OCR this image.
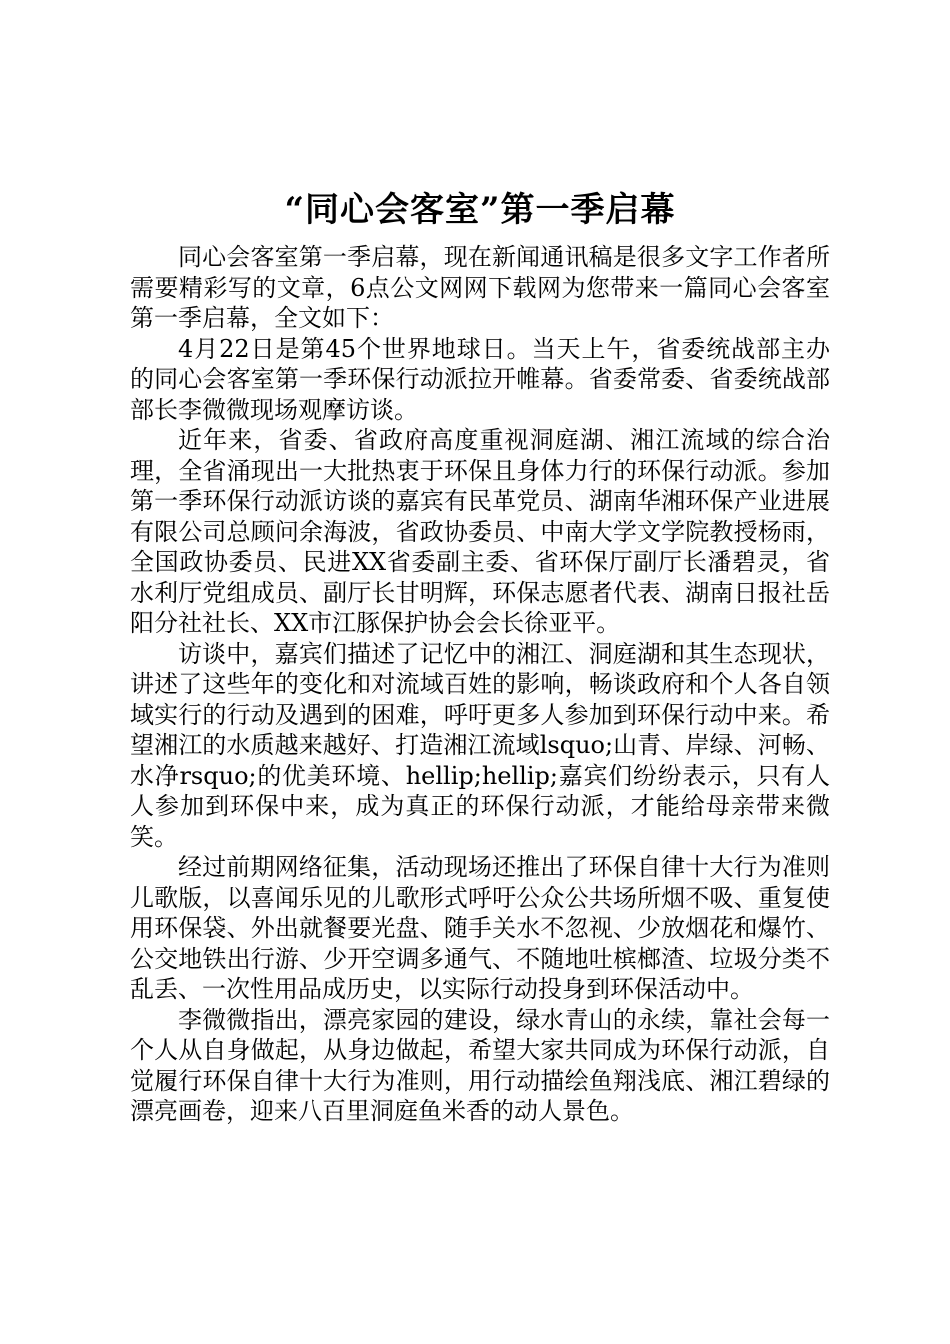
“同心会客室”第一季启幕

同心会客室第一季启幕，现在新闻通讯稿是很多文字工作者所需要精彩写的文章，6点公文网网下载网为您带来一篇同心会客室第一季启幕，全文如下：

4月22日是第45个世界地球日。当天上午，省委统战部主办的同心会客室第一季环保行动派拉开帷幕。省委常委、省委统战部部长李微微现场观摩访谈。

近年来，省委、省政府高度重视洞庭湖、湘江流域的综合治理，全省涌现出一大批热衷于环保且身体力行的环保行动派。参加第一季环保行动派访谈的嘉宾有民革党员、湖南华湘环保产业进展有限公司总顾问余海波，省政协委员、中南大学文学院教授杨雨，全国政协委员、民进XX省委副主委、省环保厅副厅长潘碧灵，省水利厅党组成员、副厅长甘明辉，环保志愿者代表、湖南日报社岳阳分社社长、XX市江豚保护协会会长徐亚平。

访谈中，嘉宾们描述了记忆中的湘江、洞庭湖和其生态现状，讲述了这些年的变化和对流域百姓的影响，畅谈政府和个人各自领域实行的行动及遇到的困难，呼吁更多人参加到环保行动中来。希望湘江的水质越来越好、打造湘江流域lsquo;山青、岸绿、河畅、水净rsquo;的优美环境、hellip;hellip;嘉宾们纷纷表示，只有人人参加到环保中来，成为真正的环保行动派，才能给母亲带来微笑。

经过前期网络征集，活动现场还推出了环保自律十大行为准则儿歌版，以喜闻乐见的儿歌形式呼吁公众公共场所烟不吸、重复使用环保袋、外出就餐要光盘、随手关水不忽视、少放烟花和爆竹、公交地铁出行游、少开空调多通气、不随地吐槟榔渣、垃圾分类不乱丢、一次性用品成历史，以实际行动投身到环保活动中。

李微微指出，漂亮家园的建设，绿水青山的永续，靠社会每一个人从自身做起，从身边做起，希望大家共同成为环保行动派，自觉履行环保自律十大行为准则，用行动描绘鱼翔浅底、湘江碧绿的漂亮画卷，迎来八百里洞庭鱼米香的动人景色。
